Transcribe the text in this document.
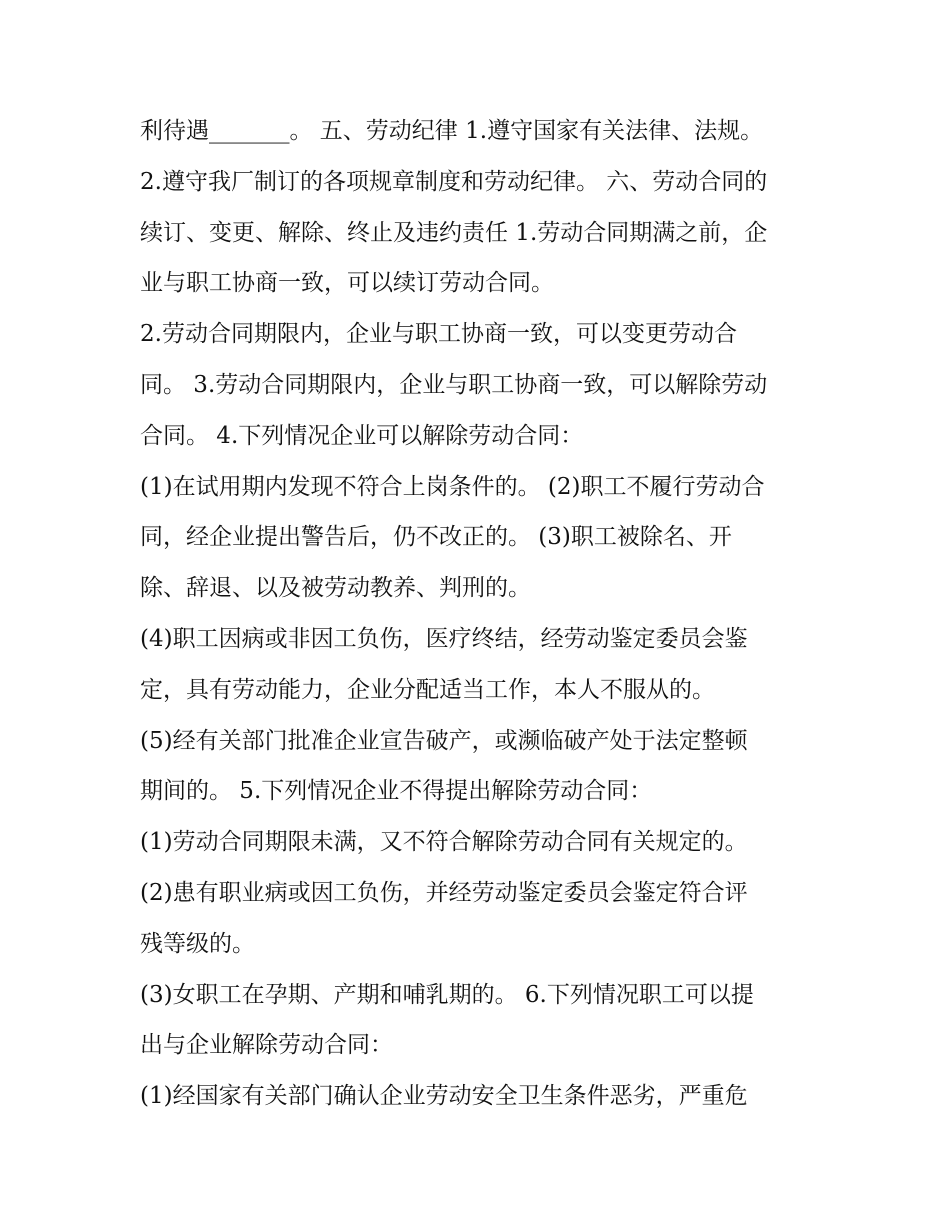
利待遇_______。 五、劳动纪律 1.遵守国家有关法律、法规。
2.遵守我厂制订的各项规章制度和劳动纪律。 六、劳动合同的
续订、变更、解除、终止及违约责任 1.劳动合同期满之前，企
业与职工协商一致，可以续订劳动合同。
2.劳动合同期限内，企业与职工协商一致，可以变更劳动合
同。 3.劳动合同期限内，企业与职工协商一致，可以解除劳动
合同。 4.下列情况企业可以解除劳动合同：
(1)在试用期内发现不符合上岗条件的。 (2)职工不履行劳动合
同，经企业提出警告后，仍不改正的。 (3)职工被除名、开
除、辞退、以及被劳动教养、判刑的。
(4)职工因病或非因工负伤，医疗终结，经劳动鉴定委员会鉴
定，具有劳动能力，企业分配适当工作，本人不服从的。
(5)经有关部门批准企业宣告破产，或濒临破产处于法定整顿
期间的。 5.下列情况企业不得提出解除劳动合同：
(1)劳动合同期限未满，又不符合解除劳动合同有关规定的。
(2)患有职业病或因工负伤，并经劳动鉴定委员会鉴定符合评
残等级的。
(3)女职工在孕期、产期和哺乳期的。 6.下列情况职工可以提
出与企业解除劳动合同：
(1)经国家有关部门确认企业劳动安全卫生条件恶劣，严重危
